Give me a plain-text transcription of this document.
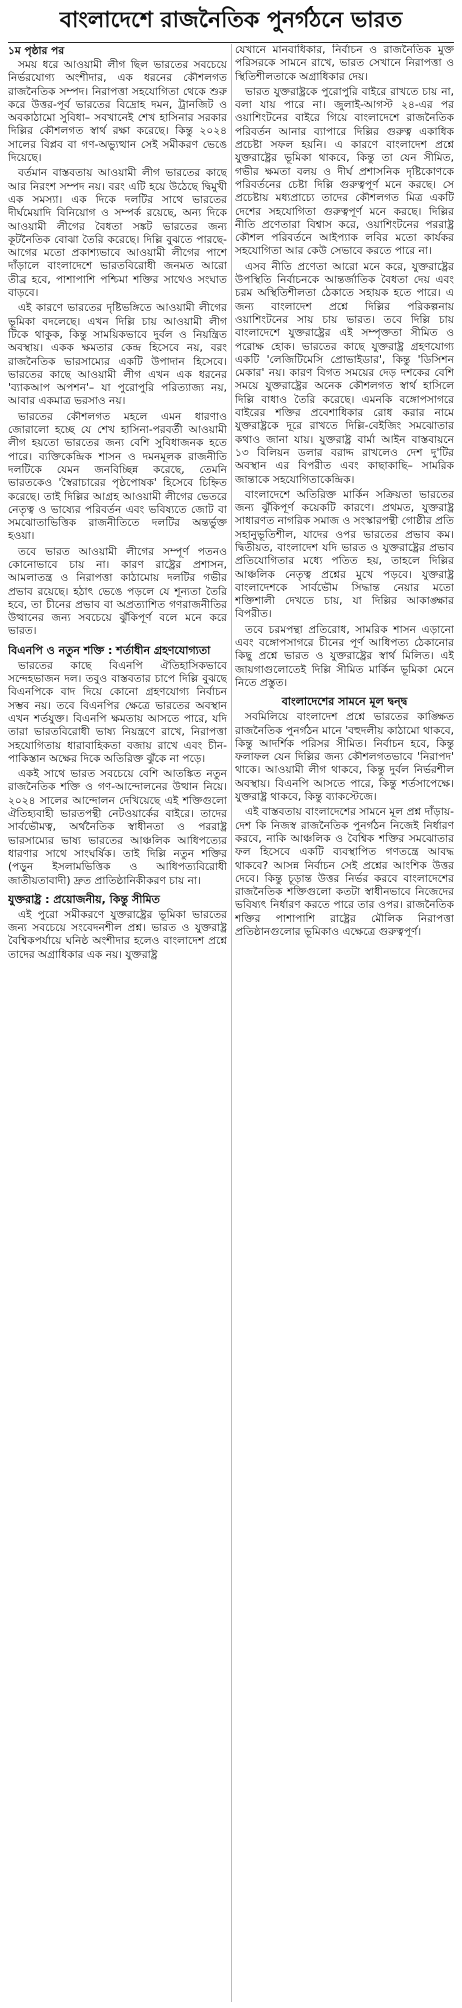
বাংলাদেশে রাজনৈতিক পুনর্গঠনে ভারত
১ম পৃষ্ঠার পর

সময় ধরে আওয়ামী লীগ ছিল ভারতের সবচেয়ে নির্ভরযোগ্য অংশীদার, এক ধরনের কৌশলগত রাজনৈতিক সম্পদ। নিরাপত্তা সহযোগিতা থেকে শুরু করে উত্তর-পূর্ব ভারতের বিদ্রোহ দমন, ট্রানজিট ও অবকাঠামো সুবিধা– সবখানেই শেখ হাসিনার সরকার দিল্লির কৌশলগত স্বার্থ রক্ষা করেছে। কিন্তু ২০২৪ সালের বিপ্লব বা গণ-অভ্যুত্থান সেই সমীকরণ ভেঙে দিয়েছে।

বর্তমান বাস্তবতায় আওয়ামী লীগ ভারতের কাছে আর নিরংশ সম্পদ নয়। বরং এটি হয়ে উঠেছে দ্বিমুখী এক সমস্যা। এক দিকে দলটির সাথে ভারতের দীর্ঘমেয়াদি বিনিয়োগ ও সম্পর্ক রয়েছে, অন্য দিকে আওয়ামী লীগের বৈধতা সঙ্কট ভারতের জন্য কূটনৈতিক বোঝা তৈরি করেছে। দিল্লি বুঝতে পারছে- আগের মতো প্রকাশ্যভাবে আওয়ামী লীগের পাশে দাঁড়ালে বাংলাদেশে ভারতবিরোধী জনমত আরো তীব্র হবে, পাশাপাশি পশ্চিমা শক্তির সাথেও সংঘাত বাড়বে।

এই কারণে ভারতের দৃষ্টিভঙ্গিতে আওয়ামী লীগের ভূমিকা বদলেছে। এখন দিল্লি চায় আওয়ামী লীগ টিকে থাকুক, কিন্তু সাময়িকভাবে দুর্বল ও নিয়ন্ত্রিত অবস্থায়। একক ক্ষমতার কেন্দ্র হিসেবে নয়, বরং রাজনৈতিক ভারসাম্যের একটি উপাদান হিসেবে। ভারতের কাছে আওয়ামী লীগ এখন এক ধরনের 'ব্যাকআপ অপশন'– যা পুরোপুরি পরিত্যাজ্য নয়, আবার একমাত্র ভরসাও নয়।

ভারতের কৌশলগত মহলে এমন ধারণাও জোরালো হচ্ছে যে শেখ হাসিনা-পরবর্তী আওয়ামী লীগ হয়তো ভারতের জন্য বেশি সুবিধাজনক হতে পারে। ব্যক্তিকেন্দ্রিক শাসন ও দমনমূলক রাজনীতি দলটিকে যেমন জনবিচ্ছিন্ন করেছে, তেমনি ভারতকেও 'স্বৈরাচারের পৃষ্ঠপোষক' হিসেবে চিহ্নিত করেছে। তাই দিল্লির আগ্রহ আওয়ামী লীগের ভেতরে নেতৃত্ব ও ভাষ্যের পরিবর্তন এবং ভবিষ্যতে জোট বা সমঝোতাভিত্তিক রাজনীতিতে দলটির অন্তর্ভুক্ত হওয়া।

তবে ভারত আওয়ামী লীগের সম্পূর্ণ পতনও কোনোভাবে চায় না। কারণ রাষ্ট্রের প্রশাসন, আমলাতন্ত্র ও নিরাপত্তা কাঠামোয় দলটির গভীর প্রভাব রয়েছে। হঠাৎ ভেঙে পড়লে যে শূন্যতা তৈরি হবে, তা চীনের প্রভাব বা অপ্রত্যাশিত গণরাজনীতির উত্থানের জন্য সবচেয়ে ঝুঁকিপূর্ণ বলে মনে করে ভারত।

বিএনপি ও নতুন শক্তি : শর্তাধীন গ্রহণযোগ্যতা

ভারতের কাছে বিএনপি ঐতিহাসিকভাবে সন্দেহভাজন দল। তবুও বাস্তবতার চাপে দিল্লি বুঝছে বিএনপিকে বাদ দিয়ে কোনো গ্রহণযোগ্য নির্বাচন সম্ভব নয়। তবে বিএনপির ক্ষেত্রে ভারতের অবস্থান এখন শর্তযুক্ত। বিএনপি ক্ষমতায় আসতে পারে, যদি তারা ভারতবিরোধী ভাষ্য নিয়ন্ত্রণে রাখে, নিরাপত্তা সহযোগিতায় ধারাবাহিকতা বজায় রাখে এবং চীন-পাকিস্তান অক্ষের দিকে অতিরিক্ত ঝুঁকে না পড়ে।

একই সাথে ভারত সবচেয়ে বেশি আতঙ্কিত নতুন রাজনৈতিক শক্তি ও গণ-আন্দোলনের উত্থান নিয়ে। ২০২৪ সালের আন্দোলন দেখিয়েছে এই শক্তিগুলো ঐতিহ্যবাহী ভারতপন্থী নেটওয়ার্কের বাইরে। তাদের সার্বভৌমত্ব, অর্থনৈতিক স্বাধীনতা ও পররাষ্ট্র ভারসাম্যের ভাষ্য ভারতের আঞ্চলিক আধিপত্যের ধারণার সাথে সাংঘর্ষিক। তাই দিল্লি নতুন শক্তির (পড়ুন ইসলামভিত্তিক ও আধিপত্যবিরোধী জাতীয়তাবাদী) দ্রুত প্রাতিষ্ঠানিকীকরণ চায় না।

যুক্তরাষ্ট্র : প্রয়োজনীয়, কিন্তু সীমিত

এই পুরো সমীকরণে যুক্তরাষ্ট্রের ভূমিকা ভারতের জন্য সবচেয়ে সংবেদনশীল প্রশ্ন। ভারত ও যুক্তরাষ্ট্র বৈশ্বিকপর্যায়ে ঘনিষ্ঠ অংশীদার হলেও বাংলাদেশ প্রশ্নে তাদের অগ্রাধিকার এক নয়। যুক্তরাষ্ট্র

যেখানে মানবাধিকার, নির্বাচন ও রাজনৈতিক মুক্ত পরিসরকে সামনে রাখে, ভারত সেখানে নিরাপত্তা ও স্থিতিশীলতাকে অগ্রাধিকার দেয়।

ভারত যুক্তরাষ্ট্রকে পুরোপুরি বাইরে রাখতে চায় না, বলা যায় পারে না। জুলাই-আগস্ট ২৪-এর পর ওয়াশিংটনের বাইরে গিয়ে বাংলাদেশে রাজনৈতিক পরিবর্তন আনার ব্যাপারে দিল্লির গুরুত্ব একাধিক প্রচেষ্টা সফল হয়নি। এ কারণে বাংলাদেশ প্রশ্নে যুক্তরাষ্ট্রের ভূমিকা থাকবে, কিন্তু তা যেন সীমিত, গভীর ক্ষমতা বলয় ও দীর্ঘ প্রশাসনিক দৃষ্টিকোণকে পরিবর্তনের চেষ্টা দিল্লি গুরুত্বপূর্ণ মনে করছে। সে প্রচেষ্টায় মধ্যপ্রাচ্যে তাদের কৌশলগত মিত্র একটি দেশের সহযোগিতা গুরুত্বপূর্ণ মনে করছে। দিল্লির নীতি প্রণেতারা বিশ্বাস করে, ওয়াশিংটনের পররাষ্ট্র কৌশল পরিবর্তনে আইপ্যাক লবির মতো কার্যকর সহযোগিতা আর কেউ সেভাবে করতে পারে না।

এসব নীতি প্রণেতা আরো মনে করে, যুক্তরাষ্ট্রের উপস্থিতি নির্বাচনকে আন্তর্জাতিক বৈধতা দেয় এবং চরম অস্থিতিশীলতা ঠেকাতে সহায়ক হতে পারে। এ জন্য বাংলাদেশ প্রশ্নে দিল্লির পরিকল্পনায় ওয়াশিংটনের সায় চায় ভারত। তবে দিল্লি চায় বাংলাদেশে যুক্তরাষ্ট্রের এই সম্পৃক্ততা সীমিত ও পরোক্ষ হোক। ভারতের কাছে যুক্তরাষ্ট্র গ্রহণযোগ্য একটি 'লেজিটিমেসি প্রোভাইডার', কিন্তু 'ডিসিশন মেকার' নয়। কারণ বিগত সময়ের দেড় দশকের বেশি সময়ে যুক্তরাষ্ট্রের অনেক কৌশলগত স্বার্থ হাসিলে দিল্লি বাধাও তৈরি করেছে। এমনকি বঙ্গোপসাগরে বাইরের শক্তির প্রবেশাধিকার রোধ করার নামে যুক্তরাষ্ট্রকে দূরে রাখতে দিল্লি-বেইজিং সমঝোতার কথাও জানা যায়। যুক্তরাষ্ট্র বার্মা আইন বাস্তবায়নে ১৩ বিলিয়ন ডলার বরাদ্দ রাখলেও দেশ দু'টির অবস্থান এর বিপরীত এবং কাছাকাছি– সামরিক জান্তাকে সহযোগিতাকেন্দ্রিক।

বাংলাদেশে অতিরিক্ত মার্কিন সক্রিয়তা ভারতের জন্য ঝুঁকিপূর্ণ কয়েকটি কারণে। প্রথমত, যুক্তরাষ্ট্র সাধারণত নাগরিক সমাজ ও সংস্কারপন্থী গোষ্ঠীর প্রতি সহানুভূতিশীল, যাদের ওপর ভারতের প্রভাব কম। দ্বিতীয়ত, বাংলাদেশ যদি ভারত ও যুক্তরাষ্ট্রের প্রভাব প্রতিযোগিতার মধ্যে পতিত হয়, তাহলে দিল্লির আঞ্চলিক নেতৃত্ব প্রশ্নের মুখে পড়বে। যুক্তরাষ্ট্র বাংলাদেশকে সার্বভৌম সিদ্ধান্ত নেয়ার মতো শক্তিশালী দেখতে চায়, যা দিল্লির আকাঙ্ক্ষার বিপরীত।

তবে চরমপন্থা প্রতিরোধ, সামরিক শাসন এড়ানো এবং বঙ্গোপসাগরে চীনের পূর্ণ আধিপত্য ঠেকানোর কিছু প্রশ্নে ভারত ও যুক্তরাষ্ট্রের স্বার্থ মিলিত। এই জায়গাগুলোতেই দিল্লি সীমিত মার্কিন ভূমিকা মেনে নিতে প্রস্তুত।

বাংলাদেশের সামনে মূল দ্বন্দ্ব

সবমিলিয়ে বাংলাদেশ প্রশ্নে ভারতের কাঙ্ক্ষিত রাজনৈতিক পুনর্গঠন মানে 'বহুদলীয় কাঠামো থাকবে, কিন্তু আদর্শিক পরিসর সীমিত। নির্বাচন হবে, কিন্তু ফলাফল যেন দিল্লির জন্য কৌশলগতভাবে 'নিরাপদ' থাকে। আওয়ামী লীগ থাকবে, কিন্তু দুর্বল নির্ভরশীল অবস্থায়। বিএনপি আসতে পারে, কিন্তু শর্তসাপেক্ষে। যুক্তরাষ্ট্র থাকবে, কিন্তু ব্যাকস্টেজে।

এই বাস্তবতায় বাংলাদেশের সামনে মূল প্রশ্ন দাঁড়ায়- দেশ কি নিজস্ব রাজনৈতিক পুনর্গঠন নিজেই নির্ধারণ করবে, নাকি আঞ্চলিক ও বৈশ্বিক শক্তির সমঝোতার ফল হিসেবে একটি ব্যবস্থাপিত গণতন্ত্রে আবদ্ধ থাকবে? আসন্ন নির্বাচন সেই প্রশ্নের আংশিক উত্তর দেবে। কিন্তু চূড়ান্ত উত্তর নির্ভর করবে বাংলাদেশের রাজনৈতিক শক্তিগুলো কতটা স্বাধীনভাবে নিজেদের ভবিষ্যৎ নির্ধারণ করতে পারে তার ওপর। রাজনৈতিক শক্তির পাশাপাশি রাষ্ট্রের মৌলিক নিরাপত্তা প্রতিষ্ঠানগুলোর ভূমিকাও এক্ষেত্রে গুরুত্বপূর্ণ।
